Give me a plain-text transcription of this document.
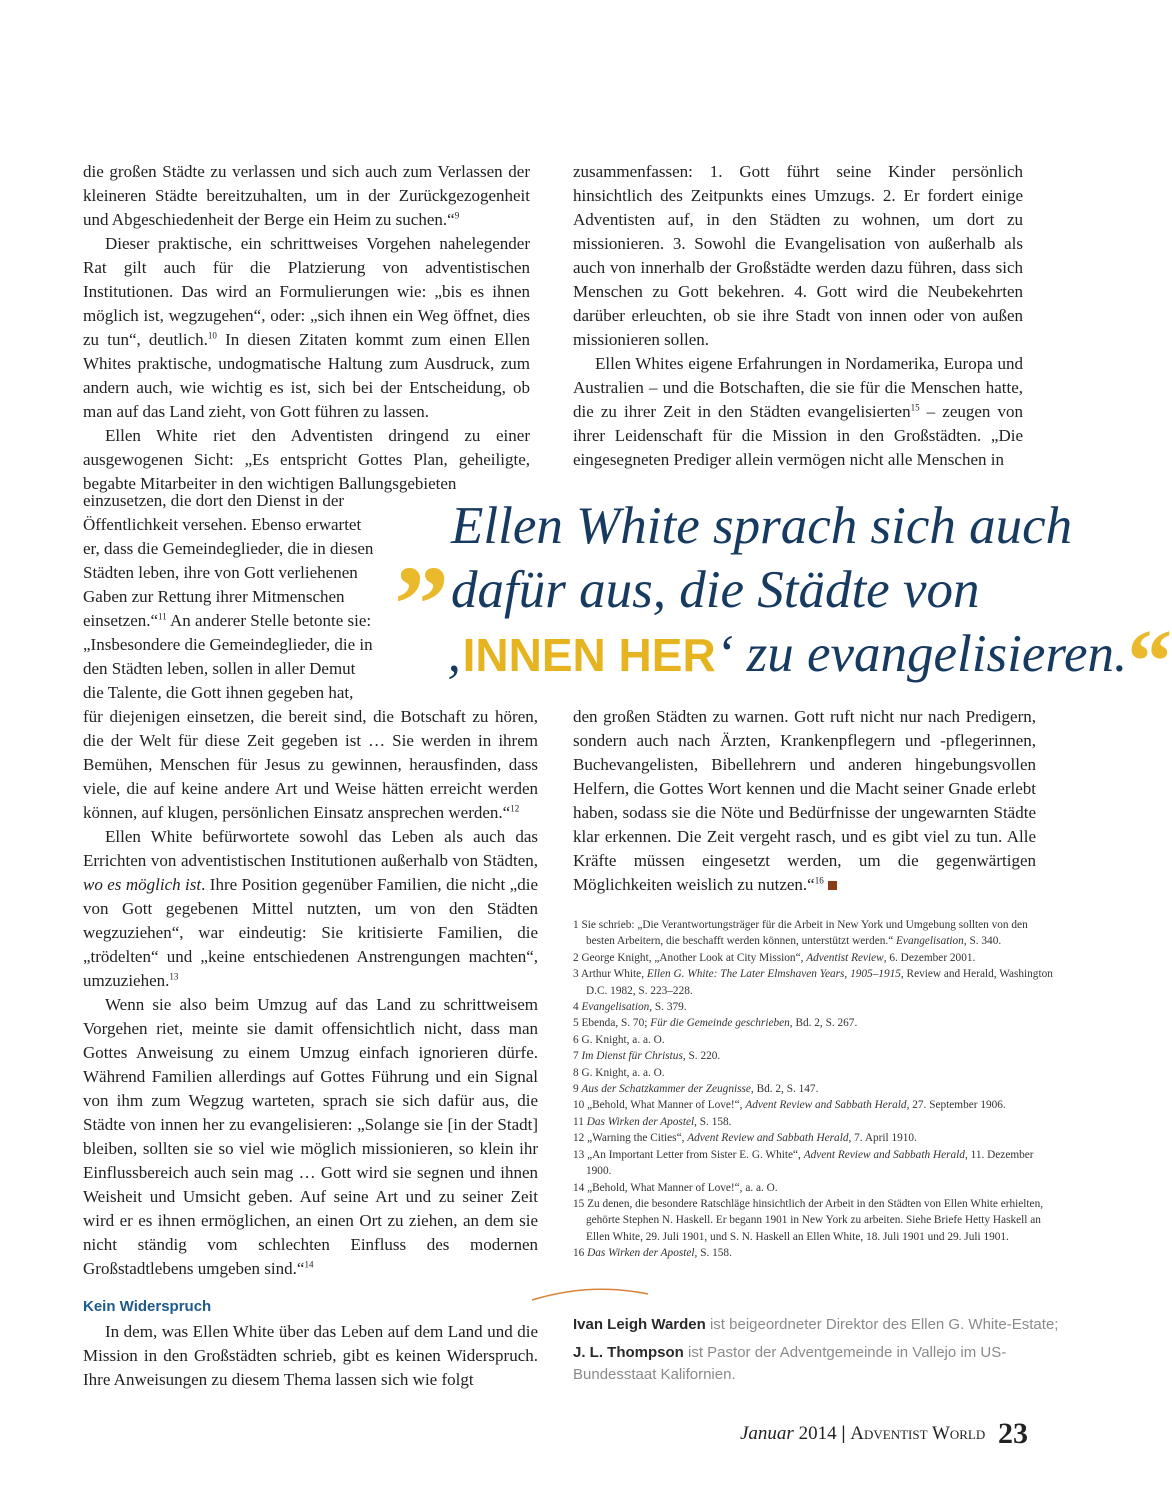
die großen Städte zu verlassen und sich auch zum Verlassen der kleineren Städte bereitzuhalten, um in der Zurückgezogenheit und Abgeschiedenheit der Berge ein Heim zu suchen.“$^9$

Dieser praktische, ein schrittweises Vorgehen nahelegender Rat gilt auch für die Platzierung von adventistischen Institutionen. Das wird an Formulierungen wie: „bis es ihnen möglich ist, wegzugehen“, oder: „sich ihnen ein Weg öffnet, dies zu tun“, deutlich.$^{10}$ In diesen Zitaten kommt zum einen Ellen Whites praktische, undogmatische Haltung zum Ausdruck, zum andern auch, wie wichtig es ist, sich bei der Entscheidung, ob man auf das Land zieht, von Gott führen zu lassen.

Ellen White riet den Adventisten dringend zu einer ausgewogenen Sicht: „Es entspricht Gottes Plan, geheiligte, begabte Mitarbeiter in den wichtigen Ballungsgebieten

einzusetzen, die dort den Dienst in der
Öffentlichkeit versehen. Ebenso erwartet
er, dass die Gemeindeglieder, die in diesen
Städten leben, ihre von Gott verliehenen
Gaben zur Rettung ihrer Mitmenschen
einsetzen.“$^{11}$ An anderer Stelle betonte sie:
„Insbesondere die Gemeindeglieder, die in
den Städten leben, sollen in aller Demut
die Talente, die Gott ihnen gegeben hat,

für diejenigen einsetzen, die bereit sind, die Botschaft zu hören, die der Welt für diese Zeit gegeben ist … Sie werden in ihrem Bemühen, Menschen für Jesus zu gewinnen, herausfinden, dass viele, die auf keine andere Art und Weise hätten erreicht werden können, auf klugen, persönlichen Einsatz ansprechen werden.“$^{12}$

Ellen White befürwortete sowohl das Leben als auch das Errichten von adventistischen Institutionen außerhalb von Städten, wo es möglich ist. Ihre Position gegenüber Familien, die nicht „die von Gott gegebenen Mittel nutzten, um von den Städten wegzuziehen“, war eindeutig: Sie kritisierte Familien, die „trödelten“ und „keine entschiedenen Anstrengungen machten“, umzuziehen.$^{13}$

Wenn sie also beim Umzug auf das Land zu schrittweisem Vorgehen riet, meinte sie damit offensichtlich nicht, dass man Gottes Anweisung zu einem Umzug einfach ignorieren dürfe. Während Familien allerdings auf Gottes Führung und ein Signal von ihm zum Wegzug warteten, sprach sie sich dafür aus, die Städte von innen her zu evangelisieren: „Solange sie [in der Stadt] bleiben, sollten sie so viel wie möglich missionieren, so klein ihr Einflussbereich auch sein mag … Gott wird sie segnen und ihnen Weisheit und Umsicht geben. Auf seine Art und zu seiner Zeit wird er es ihnen ermöglichen, an einen Ort zu ziehen, an dem sie nicht ständig vom schlechten Einfluss des modernen Großstadtlebens umgeben sind.“$^{14}$

Kein Widerspruch

In dem, was Ellen White über das Leben auf dem Land und die Mission in den Großstädten schrieb, gibt es keinen Widerspruch. Ihre Anweisungen zu diesem Thema lassen sich wie folgt

zusammenfassen: 1. Gott führt seine Kinder persönlich hinsichtlich des Zeitpunkts eines Umzugs. 2. Er fordert einige Adventisten auf, in den Städten zu wohnen, um dort zu missionieren. 3. Sowohl die Evangelisation von außerhalb als auch von innerhalb der Großstädte werden dazu führen, dass sich Menschen zu Gott bekehren. 4. Gott wird die Neubekehrten darüber erleuchten, ob sie ihre Stadt von innen oder von außen missionieren sollen.

Ellen Whites eigene Erfahrungen in Nordamerika, Europa und Australien – und die Botschaften, die sie für die Menschen hatte, die zu ihrer Zeit in den Städten evangelisierten$^{15}$ – zeugen von ihrer Leidenschaft für die Mission in den Großstädten. „Die eingesegneten Prediger allein vermögen nicht alle Menschen in

„ Ellen White sprach sich auch
dafür aus, die Städte von
‚INNEN HER‘ zu evangelisieren.“

den großen Städten zu warnen. Gott ruft nicht nur nach Predigern, sondern auch nach Ärzten, Krankenpflegern und -pflegerinnen, Buchevangelisten, Bibellehrern und anderen hingebungsvollen Helfern, die Gottes Wort kennen und die Macht seiner Gnade erlebt haben, sodass sie die Nöte und Bedürfnisse der ungewarnten Städte klar erkennen. Die Zeit vergeht rasch, und es gibt viel zu tun. Alle Kräfte müssen eingesetzt werden, um die gegenwärtigen Möglichkeiten weislich zu nutzen.“$^{16}$

1 Sie schrieb: „Die Verantwortungsträger für die Arbeit in New York und Umgebung sollten von den besten Arbeitern, die beschafft werden können, unterstützt werden.“ Evangelisation, S. 340.
2 George Knight, „Another Look at City Mission“, Adventist Review, 6. Dezember 2001.
3 Arthur White, Ellen G. White: The Later Elmshaven Years, 1905–1915, Review and Herald, Washington D.C. 1982, S. 223–228.
4 Evangelisation, S. 379.
5 Ebenda, S. 70; Für die Gemeinde geschrieben, Bd. 2, S. 267.
6 G. Knight, a. a. O.
7 Im Dienst für Christus, S. 220.
8 G. Knight, a. a. O.
9 Aus der Schatzkammer der Zeugnisse, Bd. 2, S. 147.
10 „Behold, What Manner of Love!“, Advent Review and Sabbath Herald, 27. September 1906.
11 Das Wirken der Apostel, S. 158.
12 „Warning the Cities“, Advent Review and Sabbath Herald, 7. April 1910.
13 „An Important Letter from Sister E. G. White“, Advent Review and Sabbath Herald, 11. Dezember 1900.
14 „Behold, What Manner of Love!“, a. a. O.
15 Zu denen, die besondere Ratschläge hinsichtlich der Arbeit in den Städten von Ellen White erhielten, gehörte Stephen N. Haskell. Er begann 1901 in New York zu arbeiten. Siehe Briefe Hetty Haskell an Ellen White, 29. Juli 1901, und S. N. Haskell an Ellen White, 18. Juli 1901 und 29. Juli 1901.
16 Das Wirken der Apostel, S. 158.
Ivan Leigh Warden ist beigeordneter Direktor des Ellen G. White-Estate;
J. L. Thompson ist Pastor der Adventgemeinde in Vallejo im US-Bundesstaat Kalifornien.
Januar 2014 | Adventist World 23
